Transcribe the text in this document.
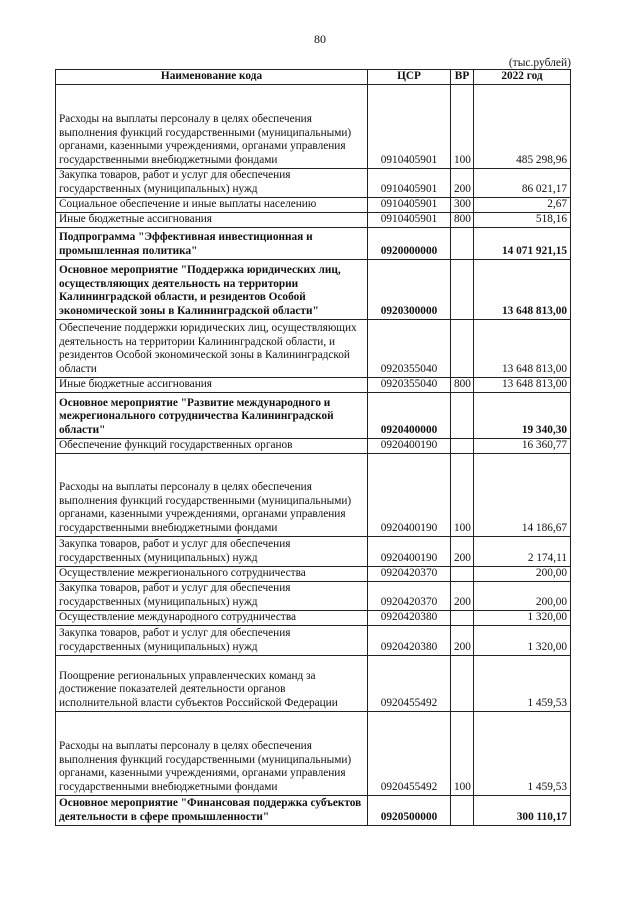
80
(тыс.рублей)
Наименование кода	ЦСР	ВР	2022 год
Расходы на выплаты персоналу в целях обеспечения выполнения функций государственными (муниципальными) органами, казенными учреждениями, органами управления государственными внебюджетными фондами	0910405901	100	485 298,96
Закупка товаров, работ и услуг для обеспечения государственных (муниципальных) нужд	0910405901	200	86 021,17
Социальное обеспечение и иные выплаты населению	0910405901	300	2,67
Иные бюджетные ассигнования	0910405901	800	518,16
Подпрограмма "Эффективная инвестиционная и промышленная политика"	0920000000		14 071 921,15
Основное мероприятие "Поддержка юридических лиц, осуществляющих деятельность на территории Калининградской области, и резидентов Особой экономической зоны в Калининградской области"	0920300000		13 648 813,00
Обеспечение поддержки юридических лиц, осуществляющих деятельность на территории Калининградской области, и резидентов Особой экономической зоны в Калининградской области	0920355040		13 648 813,00
Иные бюджетные ассигнования	0920355040	800	13 648 813,00
Основное мероприятие "Развитие международного и межрегионального сотрудничества Калининградской области"	0920400000		19 340,30
Обеспечение функций государственных органов	0920400190		16 360,77
Расходы на выплаты персоналу в целях обеспечения выполнения функций государственными (муниципальными) органами, казенными учреждениями, органами управления государственными внебюджетными фондами	0920400190	100	14 186,67
Закупка товаров, работ и услуг для обеспечения государственных (муниципальных) нужд	0920400190	200	2 174,11
Осуществление межрегионального сотрудничества	0920420370		200,00
Закупка товаров, работ и услуг для обеспечения государственных (муниципальных) нужд	0920420370	200	200,00
Осуществление международного сотрудничества	0920420380		1 320,00
Закупка товаров, работ и услуг для обеспечения государственных (муниципальных) нужд	0920420380	200	1 320,00
Поощрение региональных управленческих команд за достижение показателей деятельности органов исполнительной власти субъектов Российской Федерации	0920455492		1 459,53
Расходы на выплаты персоналу в целях обеспечения выполнения функций государственными (муниципальными) органами, казенными учреждениями, органами управления государственными внебюджетными фондами	0920455492	100	1 459,53
Основное мероприятие "Финансовая поддержка субъектов деятельности в сфере промышленности"	0920500000		300 110,17
